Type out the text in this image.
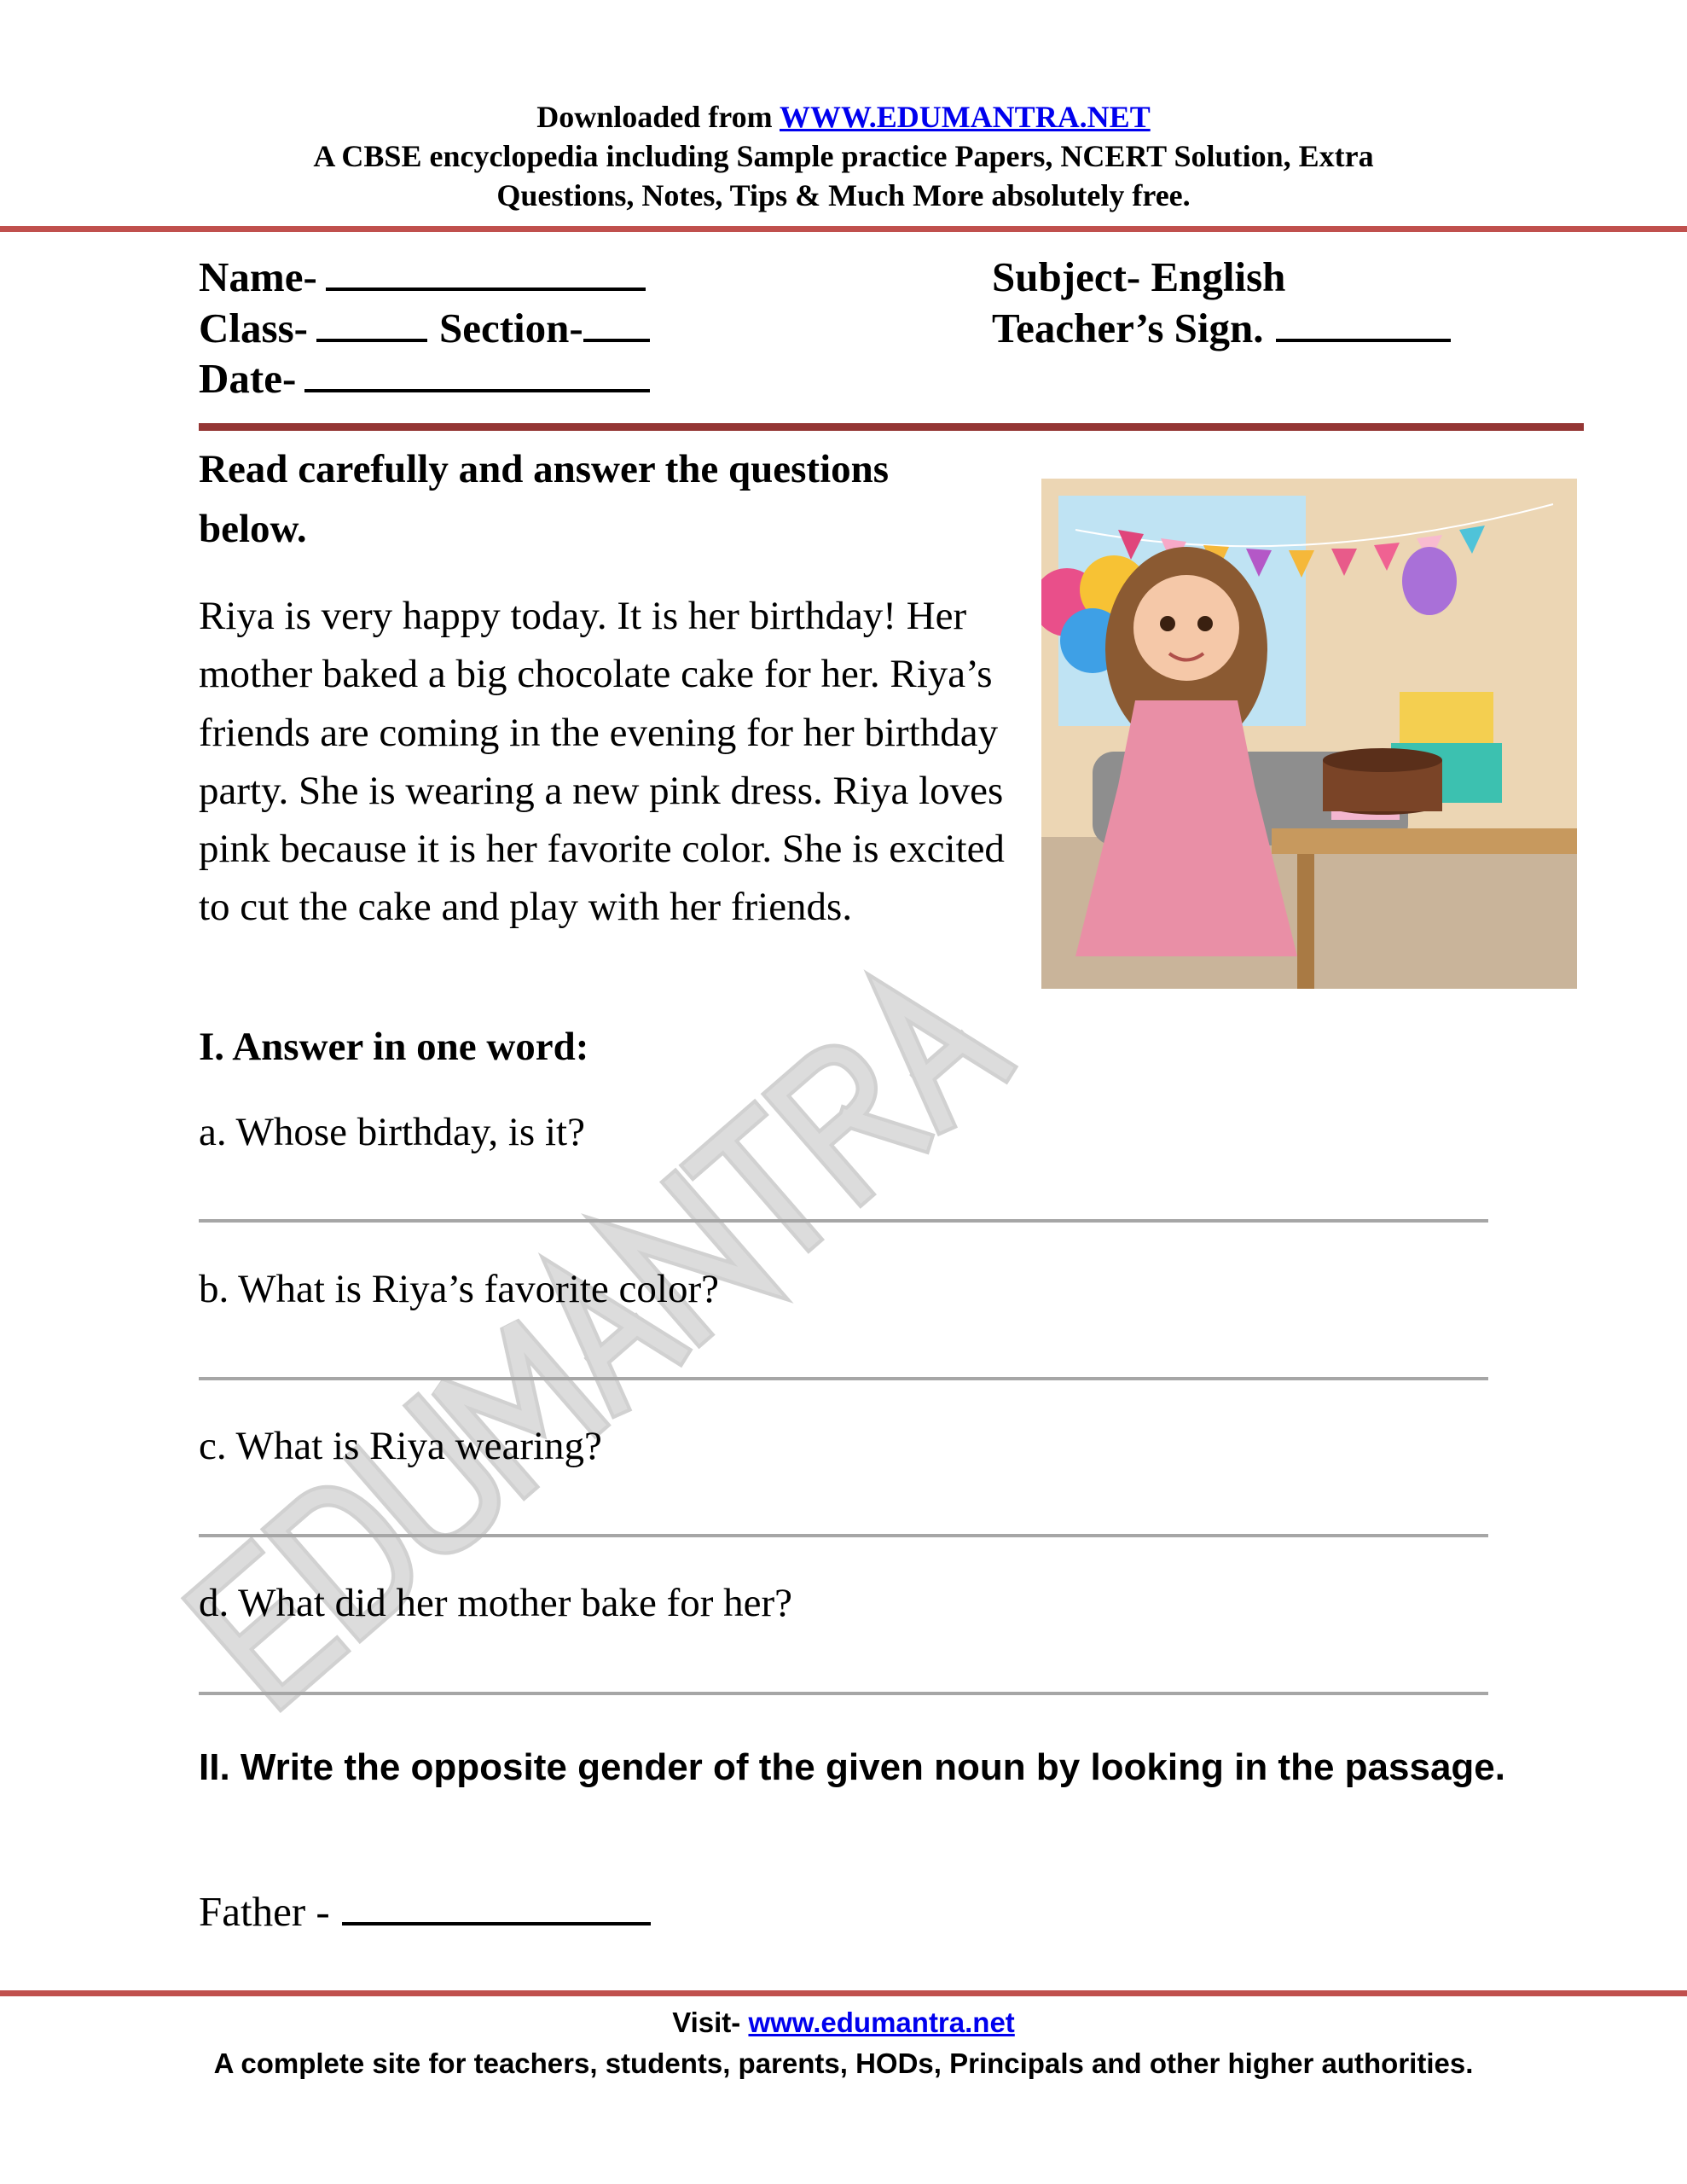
Downloaded from WWW.EDUMANTRA.NET
A CBSE encyclopedia including Sample practice Papers, NCERT Solution, Extra
Questions, Notes, Tips & Much More absolutely free.
Name-
Class-	Section-
Date-
Subject- English
Teacher’s Sign.
Read carefully and answer the questions below.
Riya is very happy today. It is her birthday! Her mother baked a big chocolate cake for her. Riya’s friends are coming in the evening for her birthday party. She is wearing a new pink dress. Riya loves pink because it is her favorite color. She is excited to cut the cake and play with her friends.
I. Answer in one word:
a. Whose birthday, is it?
b. What is Riya’s favorite color?
c. What is Riya wearing?
d. What did her mother bake for her?
II. Write the opposite gender of the given noun by looking in the passage.
Father -
Visit- www.edumantra.net
A complete site for teachers, students, parents, HODs, Principals and other higher authorities.
